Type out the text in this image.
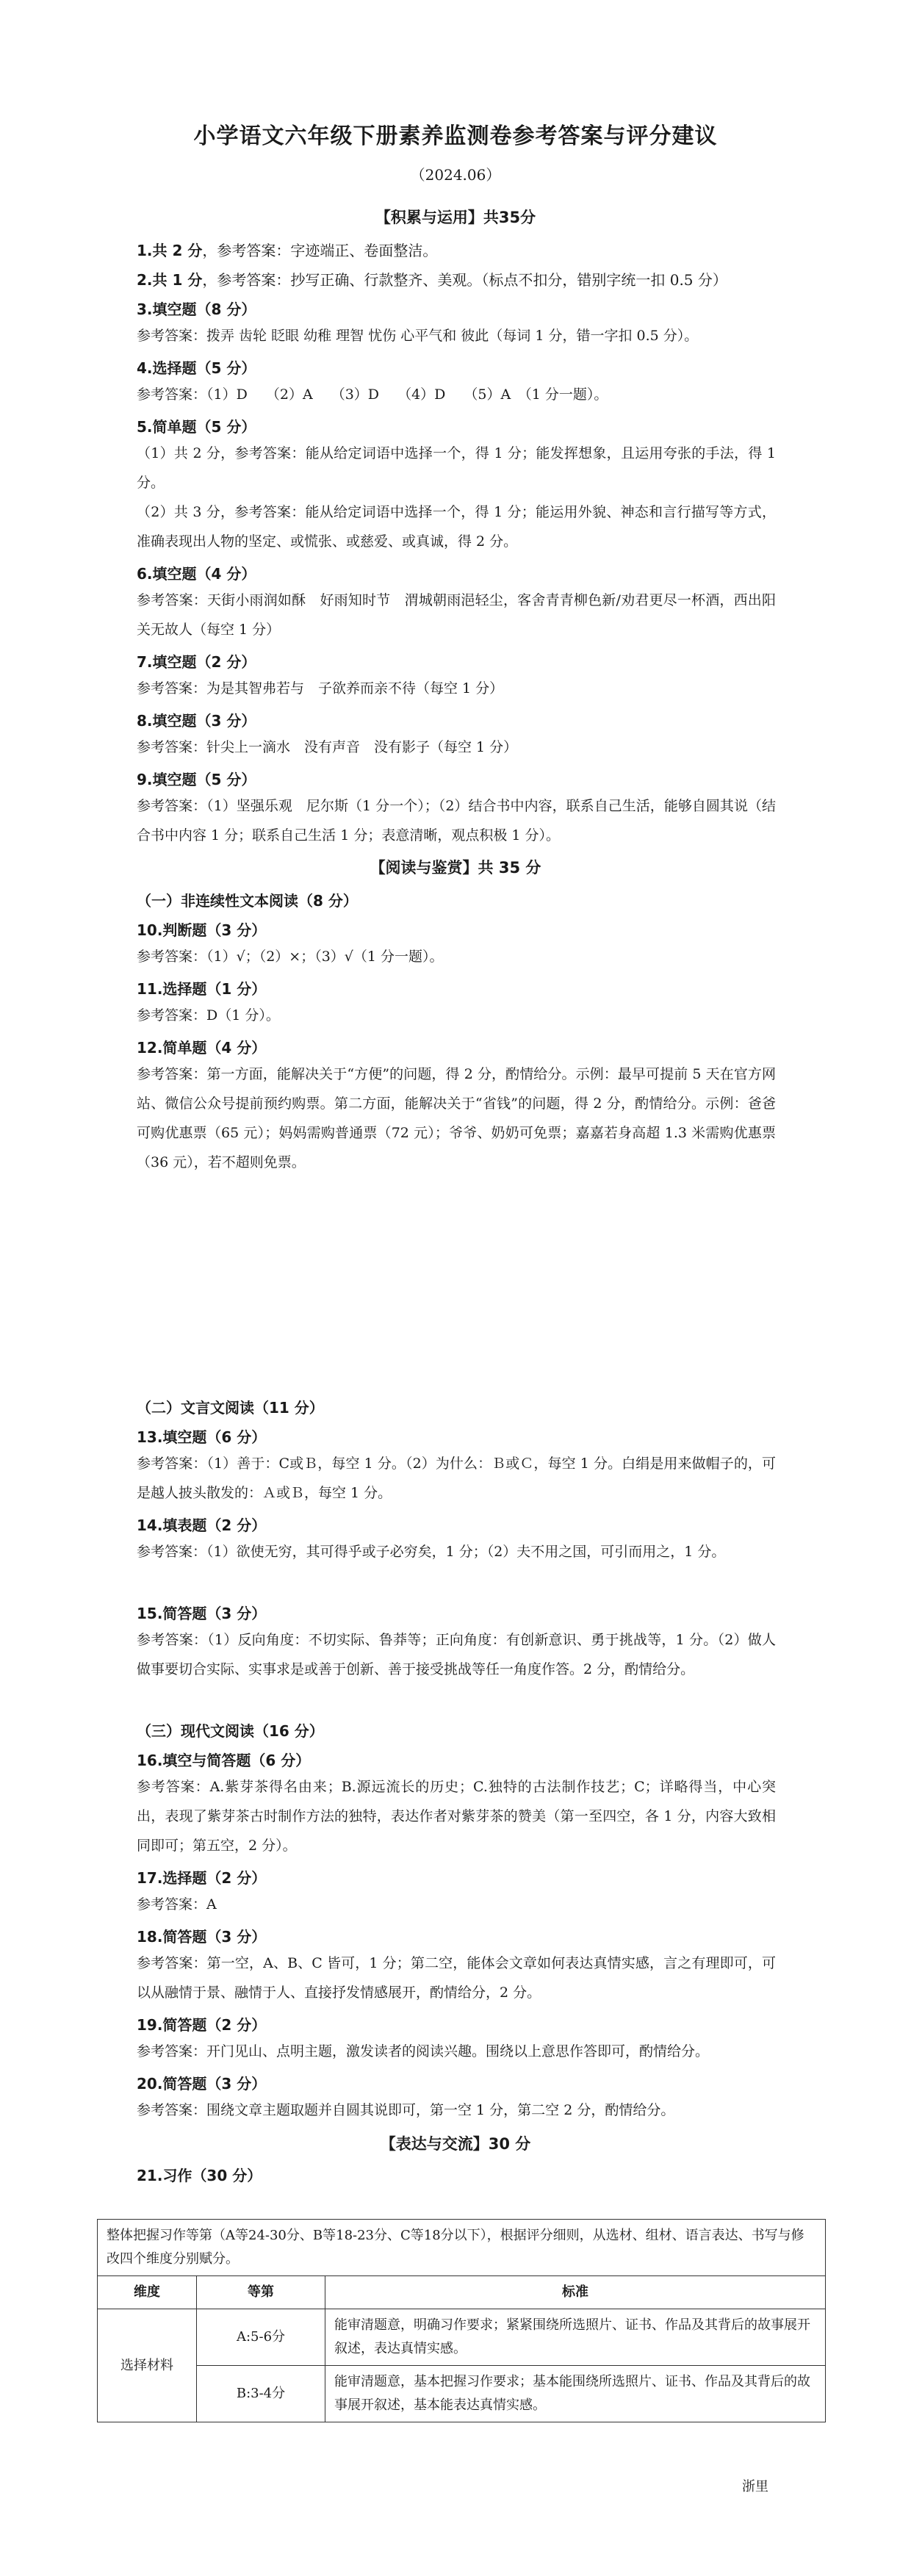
小学语文六年级下册素养监测卷参考答案与评分建议
（2024.06）
【积累与运用】共35分
1.共 2 分，参考答案：字迹端正、卷面整洁。
2.共 1 分，参考答案：抄写正确、行款整齐、美观。（标点不扣分，错别字统一扣 0.5 分）
3.填空题（8 分）
参考答案：拨弄 齿轮 眨眼 幼稚 理智 忧伤 心平气和 彼此（每词 1 分，错一字扣 0.5 分）。
4.选择题（5 分）
参考答案：（1）D　 （2）A　 （3）D　 （4）D　 （5）A　（1 分一题）。
5.简单题（5 分）
（1）共 2 分，参考答案：能从给定词语中选择一个，得 1 分；能发挥想象，且运用夸张的手法，得 1 分。
（2）共 3 分，参考答案：能从给定词语中选择一个，得 1 分；能运用外貌、神态和言行描写等方式，准确表现出人物的坚定、或慌张、或慈爱、或真诚，得 2 分。
6.填空题（4 分）
参考答案：天街小雨润如酥　好雨知时节　渭城朝雨浥轻尘，客舍青青柳色新/劝君更尽一杯酒，西出阳关无故人（每空 1 分）
7.填空题（2 分）
参考答案：为是其智弗若与　子欲养而亲不待（每空 1 分）
8.填空题（3 分）
参考答案：针尖上一滴水　没有声音　没有影子（每空 1 分）
9.填空题（5 分）
参考答案：（1）坚强乐观　尼尔斯（1 分一个）；（2）结合书中内容，联系自己生活，能够自圆其说（结合书中内容 1 分；联系自己生活 1 分；表意清晰，观点积极 1 分）。
【阅读与鉴赏】共 35 分
（一）非连续性文本阅读（8 分）
10.判断题（3 分）
参考答案：（1）√；（2）×；（3）√（1 分一题）。
11.选择题（1 分）
参考答案：D（1 分）。
12.简单题（4 分）
参考答案：第一方面，能解决关于“方便”的问题，得 2 分，酌情给分。示例：最早可提前 5 天在官方网站、微信公众号提前预约购票。第二方面，能解决关于“省钱”的问题，得 2 分，酌情给分。示例：爸爸可购优惠票（65 元）；妈妈需购普通票（72 元）；爷爷、奶奶可免票；嘉嘉若身高超 1.3 米需购优惠票（36 元），若不超则免票。
（二）文言文阅读（11 分）
13.填空题（6 分）
参考答案：（1）善于：C或Ｂ，每空 1 分。（2）为什么：Ｂ或Ｃ，每空 1 分。白绢是用来做帽子的，可是越人披头散发的：Ａ或Ｂ，每空 1 分。
14.填表题（2 分）
参考答案：（1）欲使无穷，其可得乎或子必穷矣，1 分；（2）夫不用之国，可引而用之，1 分。
15.简答题（3 分）
参考答案：（1）反向角度：不切实际、鲁莽等；正向角度：有创新意识、勇于挑战等，1 分。（2）做人做事要切合实际、实事求是或善于创新、善于接受挑战等任一角度作答。2 分，酌情给分。
（三）现代文阅读（16 分）
16.填空与简答题（6 分）
参考答案：A.紫芽茶得名由来；B.源远流长的历史；C.独特的古法制作技艺；C；详略得当，中心突出，表现了紫芽茶古时制作方法的独特，表达作者对紫芽茶的赞美（第一至四空，各 1 分，内容大致相同即可；第五空，2 分）。
17.选择题（2 分）
参考答案：A
18.简答题（3 分）
参考答案：第一空，A、B、C 皆可，1 分；第二空，能体会文章如何表达真情实感，言之有理即可，可以从融情于景、融情于人、直接抒发情感展开，酌情给分，2 分。
19.简答题（2 分）
参考答案：开门见山、点明主题，激发读者的阅读兴趣。围绕以上意思作答即可，酌情给分。
20.简答题（3 分）
参考答案：围绕文章主题取题并自圆其说即可，第一空 1 分，第二空 2 分，酌情给分。
【表达与交流】30 分
21.习作（30 分）
整体把握习作等第（A等24-30分、B等18-23分、C等18分以下），根据评分细则，从选材、组材、语言表达、书写与修改四个维度分别赋分。		
维度	等第	标准
选择材料	A:5-6分	能审清题意，明确习作要求；紧紧围绕所选照片、证书、作品及其背后的故事展开叙述，表达真情实感。
	B:3-4分	能审清题意，基本把握习作要求；基本能围绕所选照片、证书、作品及其背后的故事展开叙述，基本能表达真情实感。
浙里
